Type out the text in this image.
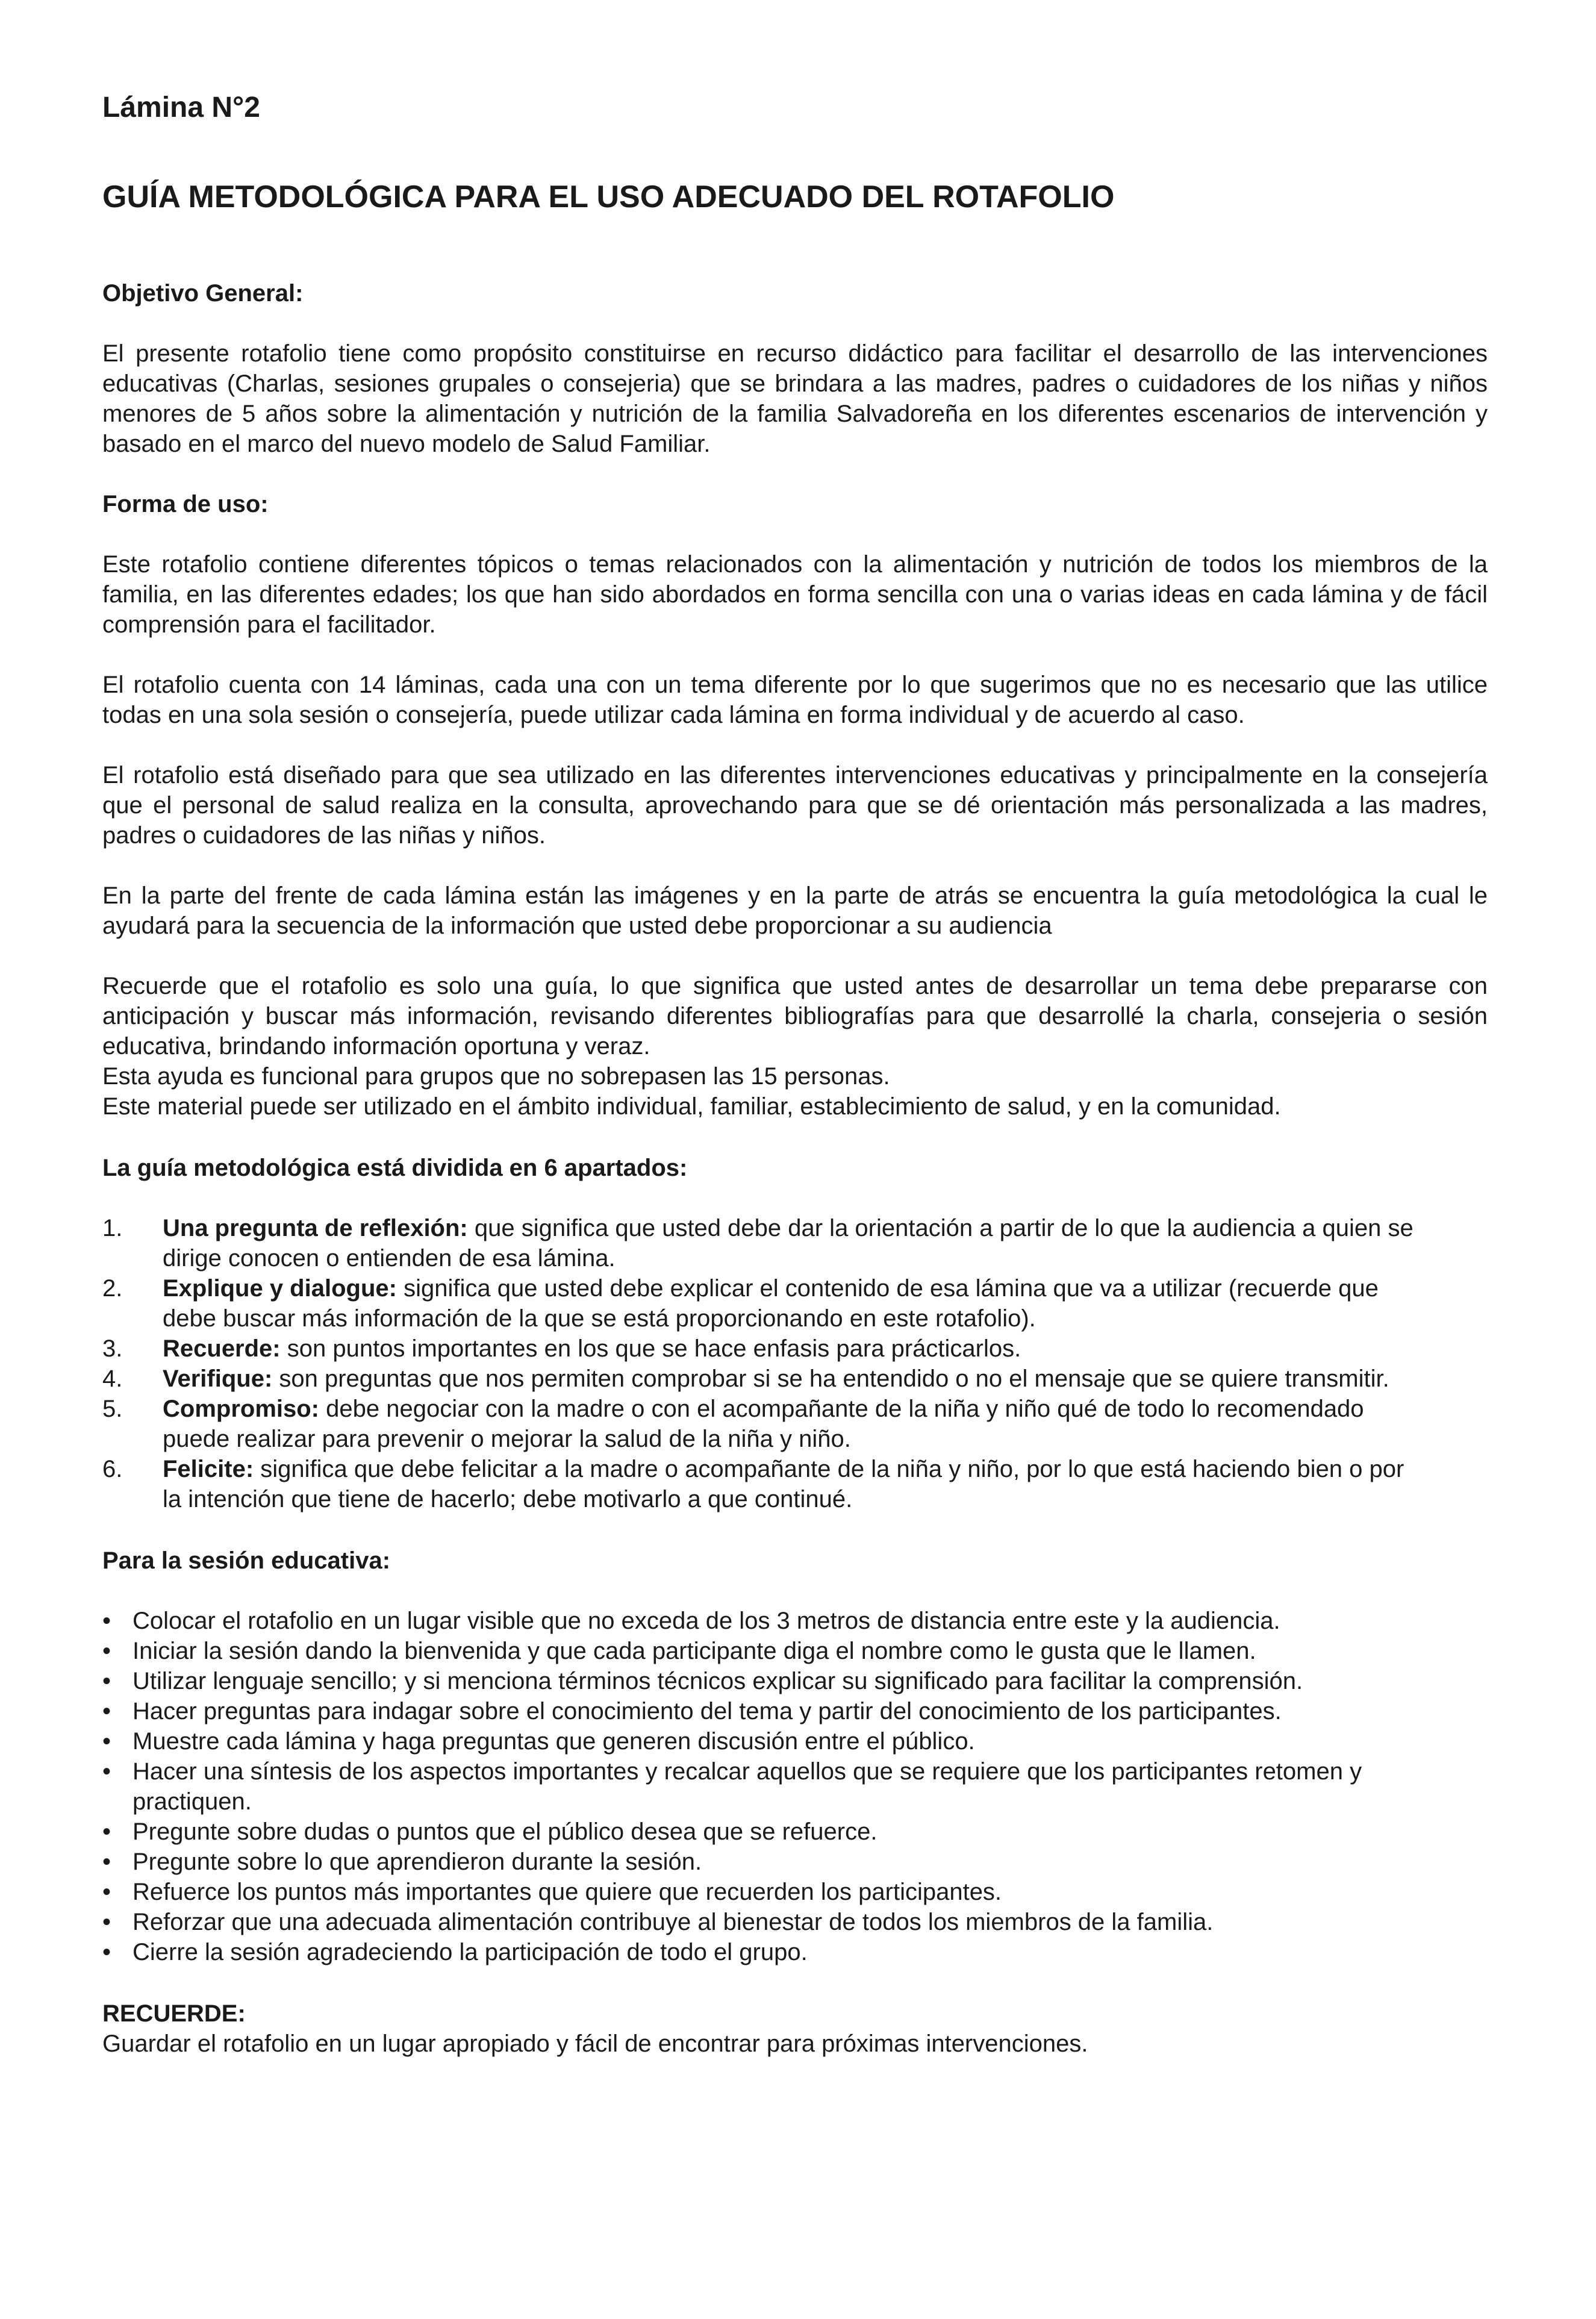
Lámina N°2
GUÍA METODOLÓGICA PARA EL USO ADECUADO DEL ROTAFOLIO
Objetivo General:

El presente rotafolio tiene como propósito constituirse en recurso didáctico para facilitar el desarrollo de las intervenciones educativas (Charlas, sesiones grupales o consejeria) que se brindara a las madres, padres o cuidadores de los niñas y niños menores de 5 años sobre la alimentación y nutrición de la familia Salvadoreña en los diferentes escenarios de intervención y basado en el marco del nuevo modelo de Salud Familiar.

Forma de uso:

Este rotafolio contiene diferentes tópicos o temas relacionados con la alimentación y nutrición de todos los miembros de la familia, en las diferentes edades; los que han sido abordados en forma sencilla con una o varias ideas en cada lámina y de fácil comprensión para el facilitador.

El rotafolio cuenta con 14 láminas, cada una con un tema diferente por lo que sugerimos que no es necesario que las utilice todas en una sola sesión o consejería, puede utilizar cada lámina en forma individual y de acuerdo al caso.

El rotafolio está diseñado para que sea utilizado en las diferentes intervenciones educativas y principalmente en la consejería que el personal de salud realiza en la consulta, aprovechando para que se dé orientación más personalizada a las madres, padres o cuidadores de las niñas y niños.

En la parte del frente de cada lámina están las imágenes y en la parte de atrás se encuentra la guía metodológica la cual le ayudará para la secuencia de la información que usted debe proporcionar a su audiencia

Recuerde que el rotafolio es solo una guía, lo que significa que usted antes de desarrollar un tema debe prepararse con anticipación y buscar más información, revisando diferentes bibliografías para que desarrollé la charla, consejeria o sesión educativa, brindando información oportuna y veraz.

Esta ayuda es funcional para grupos que no sobrepasen las 15 personas.

Este material puede ser utilizado en el ámbito individual, familiar, establecimiento de salud, y en la comunidad.

La guía metodológica está dividida en 6 apartados:
1.	Una pregunta de reflexión: que significa que usted debe dar la orientación a partir de lo que la audiencia a quien se dirige conocen o entienden de esa lámina.
2.	Explique y dialogue: significa que usted debe explicar el contenido de esa lámina que va a utilizar (recuerde que debe buscar más información de la que se está proporcionando en este rotafolio).
3.	Recuerde: son puntos importantes en los que se hace enfasis para prácticarlos.
4.	Verifique: son preguntas que nos permiten comprobar si se ha entendido o no el mensaje que se quiere transmitir.
5.	Compromiso: debe negociar con la madre o con el acompañante de la niña y niño qué de todo lo recomendado puede realizar para prevenir o mejorar la salud de la niña y niño.
6.	Felicite: significa que debe felicitar a la madre o acompañante de la niña y niño, por lo que está haciendo bien o por la intención que tiene de hacerlo; debe motivarlo a que continué.
Para la sesión educativa:
• Colocar el rotafolio en un lugar visible que no exceda de los 3 metros de distancia entre este y la audiencia.
• Iniciar la sesión dando la bienvenida y que cada participante diga el nombre como le gusta que le llamen.
• Utilizar lenguaje sencillo; y si menciona términos técnicos explicar su significado para facilitar la comprensión.
• Hacer preguntas para indagar sobre el conocimiento del tema y partir del conocimiento de los participantes.
• Muestre cada lámina y haga preguntas que generen discusión entre el público.
• Hacer una síntesis de los aspectos importantes y recalcar aquellos que se requiere que los participantes retomen y practiquen.
• Pregunte sobre dudas o puntos que el público desea que se refuerce.
• Pregunte sobre lo que aprendieron durante la sesión.
• Refuerce los puntos más importantes que quiere que recuerden los participantes.
• Reforzar que una adecuada alimentación contribuye al bienestar de todos los miembros de la familia.
• Cierre la sesión agradeciendo la participación de todo el grupo.
RECUERDE:

Guardar el rotafolio en un lugar apropiado y fácil de encontrar para próximas intervenciones.
